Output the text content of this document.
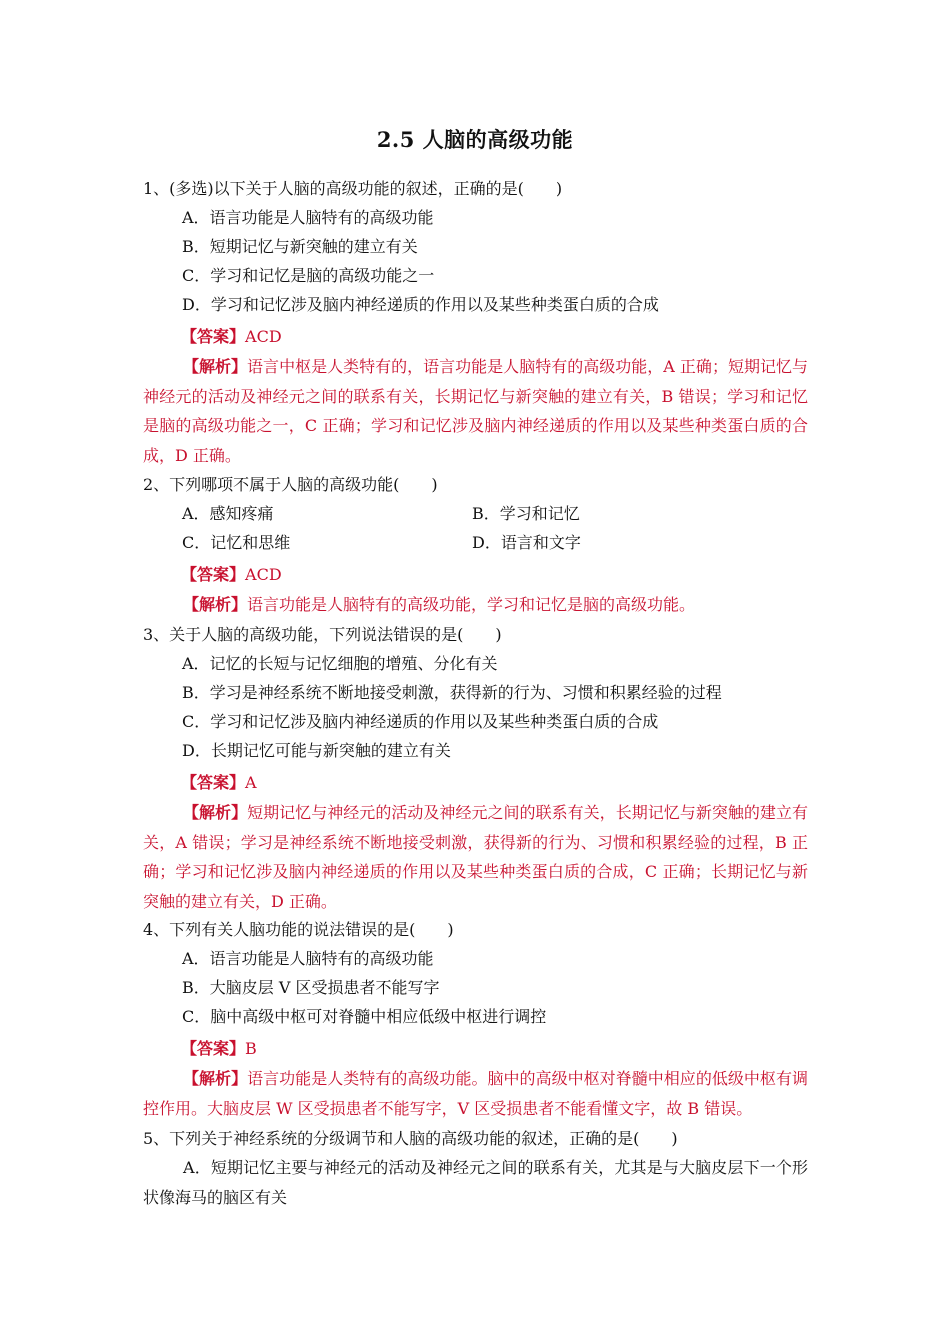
2.5 人脑的高级功能
1、(多选)以下关于人脑的高级功能的叙述，正确的是(　　)
A．语言功能是人脑特有的高级功能
B．短期记忆与新突触的建立有关
C．学习和记忆是脑的高级功能之一
D．学习和记忆涉及脑内神经递质的作用以及某些种类蛋白质的合成
【答案】ACD
【解析】语言中枢是人类特有的，语言功能是人脑特有的高级功能，A 正确；短期记忆与神经元的活动及神经元之间的联系有关，长期记忆与新突触的建立有关，B 错误；学习和记忆是脑的高级功能之一，C 正确；学习和记忆涉及脑内神经递质的作用以及某些种类蛋白质的合成，D 正确。
2、下列哪项不属于人脑的高级功能(　　)
A．感知疼痛	B．学习和记忆
C．记忆和思维	D．语言和文字
【答案】ACD
【解析】语言功能是人脑特有的高级功能，学习和记忆是脑的高级功能。
3、关于人脑的高级功能，下列说法错误的是(　　)
A．记忆的长短与记忆细胞的增殖、分化有关
B．学习是神经系统不断地接受刺激，获得新的行为、习惯和积累经验的过程
C．学习和记忆涉及脑内神经递质的作用以及某些种类蛋白质的合成
D．长期记忆可能与新突触的建立有关
【答案】A
【解析】短期记忆与神经元的活动及神经元之间的联系有关，长期记忆与新突触的建立有关，A 错误；学习是神经系统不断地接受刺激，获得新的行为、习惯和积累经验的过程，B 正确；学习和记忆涉及脑内神经递质的作用以及某些种类蛋白质的合成，C 正确；长期记忆与新突触的建立有关，D 正确。
4、下列有关人脑功能的说法错误的是(　　)
A．语言功能是人脑特有的高级功能
B．大脑皮层 V 区受损患者不能写字
C．脑中高级中枢可对脊髓中相应低级中枢进行调控
【答案】B
【解析】语言功能是人类特有的高级功能。脑中的高级中枢对脊髓中相应的低级中枢有调控作用。大脑皮层 W 区受损患者不能写字，V 区受损患者不能看懂文字，故 B 错误。
5、下列关于神经系统的分级调节和人脑的高级功能的叙述，正确的是(　　)
A．短期记忆主要与神经元的活动及神经元之间的联系有关，尤其是与大脑皮层下一个形状像海马的脑区有关
